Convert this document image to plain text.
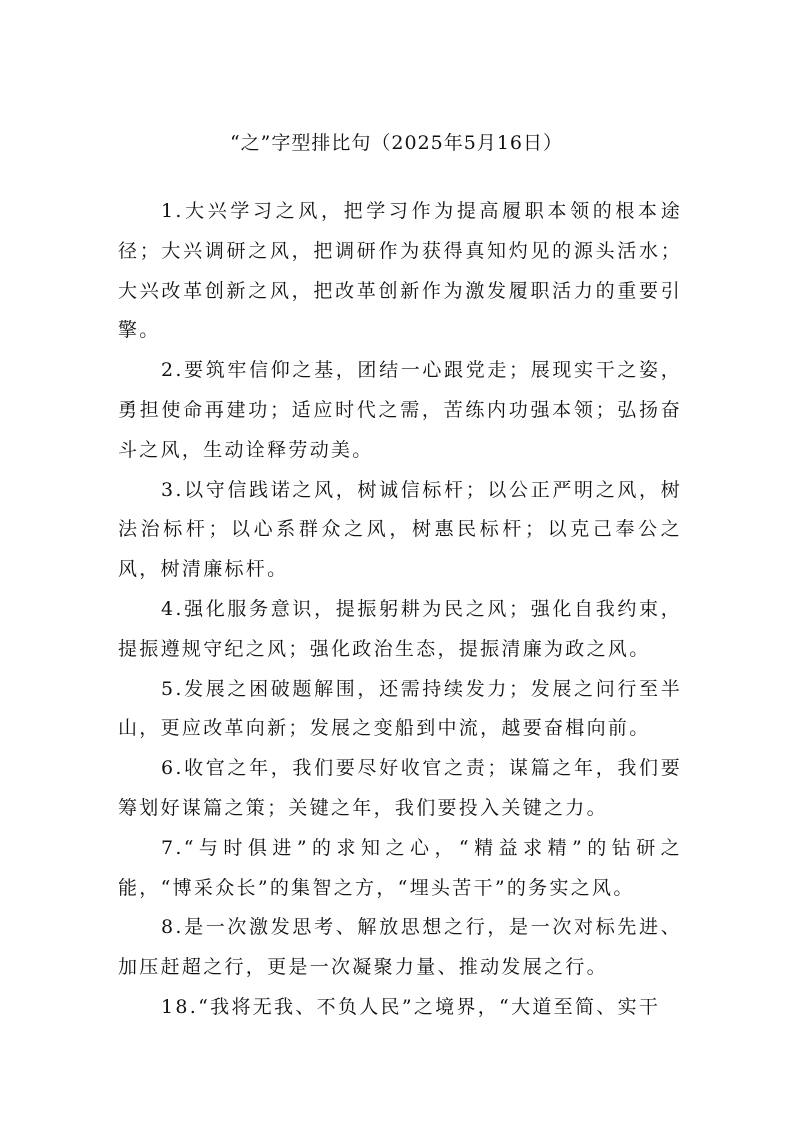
“之”字型排比句（2025年5月16日）

1.大兴学习之风，把学习作为提高履职本领的根本途径；大兴调研之风，把调研作为获得真知灼见的源头活水；大兴改革创新之风，把改革创新作为激发履职活力的重要引擎。

2.要筑牢信仰之基，团结一心跟党走；展现实干之姿，勇担使命再建功；适应时代之需，苦练内功强本领；弘扬奋斗之风，生动诠释劳动美。

3.以守信践诺之风，树诚信标杆；以公正严明之风，树法治标杆；以心系群众之风，树惠民标杆；以克己奉公之风，树清廉标杆。

4.强化服务意识，提振躬耕为民之风；强化自我约束，提振遵规守纪之风；强化政治生态，提振清廉为政之风。

5.发展之困破题解围，还需持续发力；发展之问行至半山，更应改革向新；发展之变船到中流，越要奋楫向前。

6.收官之年，我们要尽好收官之责；谋篇之年，我们要筹划好谋篇之策；关键之年，我们要投入关键之力。

7.“与时俱进”的求知之心，“精益求精”的钻研之能，“博采众长”的集智之方，“埋头苦干”的务实之风。

8.是一次激发思考、解放思想之行，是一次对标先进、加压赶超之行，更是一次凝聚力量、推动发展之行。

18.“我将无我、不负人民”之境界，“大道至简、实干
